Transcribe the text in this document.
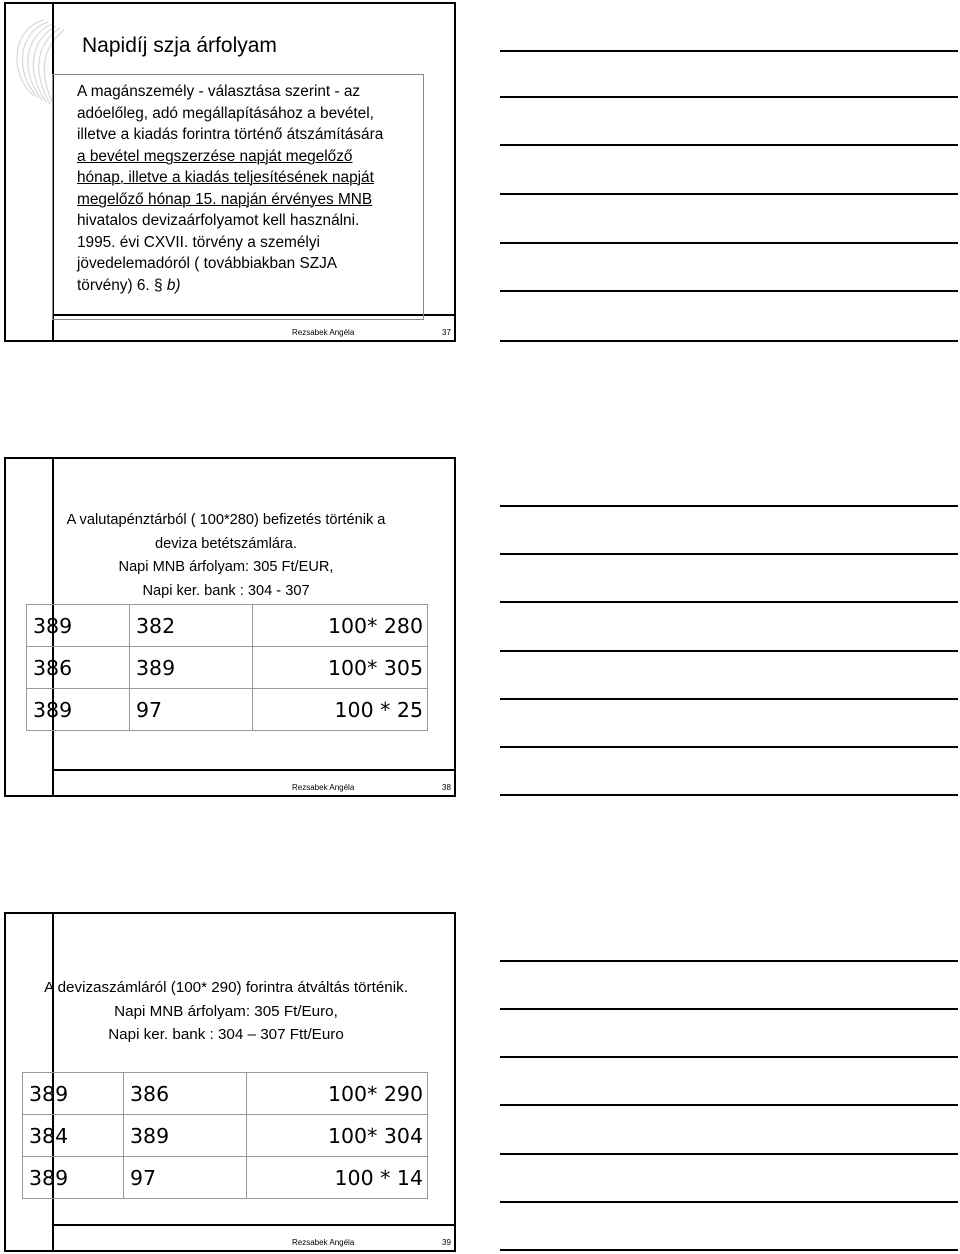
Napidíj szja árfolyam

A magánszemély - választása szerint - az
adóelőleg, adó megállapításához a bevétel,
illetve a kiadás forintra történő átszámítására
a bevétel megszerzése napját megelőző
hónap, illetve a kiadás teljesítésének napját
megelőző hónap 15. napján érvényes MNB
hivatalos devizaárfolyamot kell használni.

1995. évi CXVII. törvény a személyi
jövedelemadóról ( továbbiakban SZJA
törvény) 6. § b)

Rezsabek Angéla	37
A valutapénztárból ( 100*280) befizetés történik a
deviza betétszámlára.
Napi MNB árfolyam: 305 Ft/EUR,
Napi ker. bank : 304 - 307
389	382	100* 280
386	389	100* 305
389	97	100 * 25
Rezsabek Angéla	38
A devizaszámláról (100* 290) forintra átváltás történik.
Napi MNB árfolyam: 305 Ft/Euro,
Napi ker. bank : 304 – 307 Ftt/Euro
389	386	100* 290
384	389	100* 304
389	97	100 * 14
Rezsabek Angéla	39
